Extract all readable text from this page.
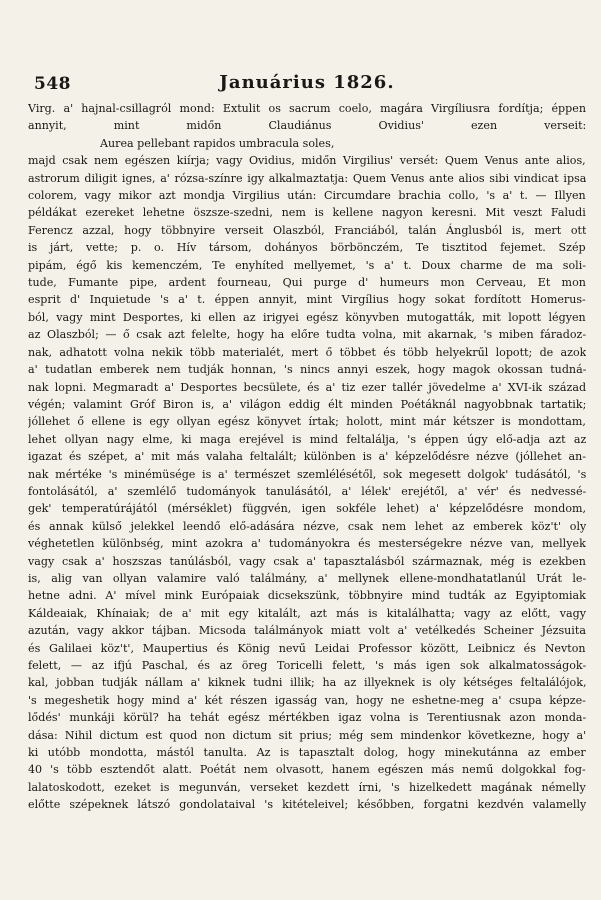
548	Januárius 1826.
Virg. a' hajnal-csillagról mond: Extulit os sacrum coelo, magára Virgíliusra fordítja; éppen
annyit, mint midőn Claudiánus Ovidius' ezen verseit:
Aurea pellebant rapidos umbracula soles,
majd csak nem egészen kiírja; vagy Ovidius, midőn Virgilius' versét: Quem Venus ante alios,
astrorum diligit ignes, a' rózsa-színre igy alkalmaztatja: Quem Venus ante alios sibi vindicat ipsa
colorem, vagy mikor azt mondja Virgilius után: Circumdare brachia collo, 's a' t. — Illyen
példákat ezereket lehetne öszsze-szedni, nem is kellene nagyon keresni. Mit veszt Faludi
Ferencz azzal, hogy többnyire verseit Olaszból, Franciából, talán Ánglusból is, mert ott
is járt, vette; p. o. Hív társom, dohányos börbönczém, Te tisztitod fejemet. Szép
pipám, égő kis kemenczém, Te enyhíted mellyemet, 's a' t. Doux charme de ma soli-
tude, Fumante pipe, ardent fourneau, Qui purge d' humeurs mon Cerveau, Et mon
esprit d' Inquietude 's a' t. éppen annyit, mint Virgílius hogy sokat fordított Homerus-
ból, vagy mint Desportes, ki ellen az irigyei egész könyvben mutogatták, mit lopott légyen
az Olaszból; — ő csak azt felelte, hogy ha előre tudta volna, mit akarnak, 's miben fáradoz-
nak, adhatott volna nekik több materialét, mert ő többet és több helyekrűl lopott; de azok
a' tudatlan emberek nem tudják honnan, 's nincs annyi eszek, hogy magok okossan tudná-
nak lopni. Megmaradt a' Desportes becsülete, és a' tiz ezer tallér jövedelme a' XVI-ik század
végén; valamint Gróf Biron is, a' világon eddig élt minden Poétáknál nagyobbnak tartatik;
jóllehet ő ellene is egy ollyan egész könyvet írtak; holott, mint már kétszer is mondottam,
lehet ollyan nagy elme, ki maga erejével is mind feltalálja, 's éppen úgy elő-adja azt az
igazat és szépet, a' mit más valaha feltalált; különben is a' képzelődésre nézve (jóllehet an-
nak mértéke 's minémüsége is a' természet szemlélésétől, sok megesett dolgok' tudásától, 's
fontolásától, a' szemlélő tudományok tanulásától, a' lélek' erejétől, a' vér' és nedvessé-
gek' temperatúrájától (mérséklet) függvén, igen sokféle lehet) a' képzelődésre mondom,
és annak külső jelekkel leendő elő-adására nézve, csak nem lehet az emberek köz't' oly
véghetetlen különbség, mint azokra a' tudományokra és mesterségekre nézve van, mellyek
vagy csak a' hoszszas tanúlásból, vagy csak a' tapasztalásból származnak, még is ezekben
is, alig van ollyan valamire való találmány, a' mellynek ellene-mondhatatlanúl Urát le-
hetne adni. A' mível mink Európaiak dicsekszünk, többnyire mind tudták az Egyiptomiak
Káldeaiak, Khínaiak; de a' mit egy kitalált, azt más is kitalálhatta; vagy az előtt, vagy
azután, vagy akkor tájban. Micsoda találmányok miatt volt a' vetélkedés Scheiner Jézsuita
és Galilaei köz't', Maupertius és König nevű Leidai Professor között, Leibnicz és Nevton
felett, — az ifjú Paschal, és az öreg Toricelli felett, 's más igen sok alkalmatosságok-
kal, jobban tudják nállam a' kiknek tudni illik; ha az illyeknek is oly kétséges feltalálójok,
's megeshetik hogy mind a' két részen igasság van, hogy ne eshetne-meg a' csupa képze-
lődés' munkáji körül? ha tehát egész mértékben igaz volna is Terentiusnak azon monda-
dása: Nihil dictum est quod non dictum sit prius; még sem mindenkor következne, hogy a'
ki utóbb mondotta, mástól tanulta. Az is tapasztalt dolog, hogy minekutánna az ember
40 's több esztendőt alatt. Poétát nem olvasott, hanem egészen más nemű dolgokkal fog-
lalatoskodott, ezeket is megunván, verseket kezdett írni, 's hizelkedett magának némelly
előtte szépeknek látszó gondolataival 's kitételeivel; későbben, forgatni kezdvén valamelly
